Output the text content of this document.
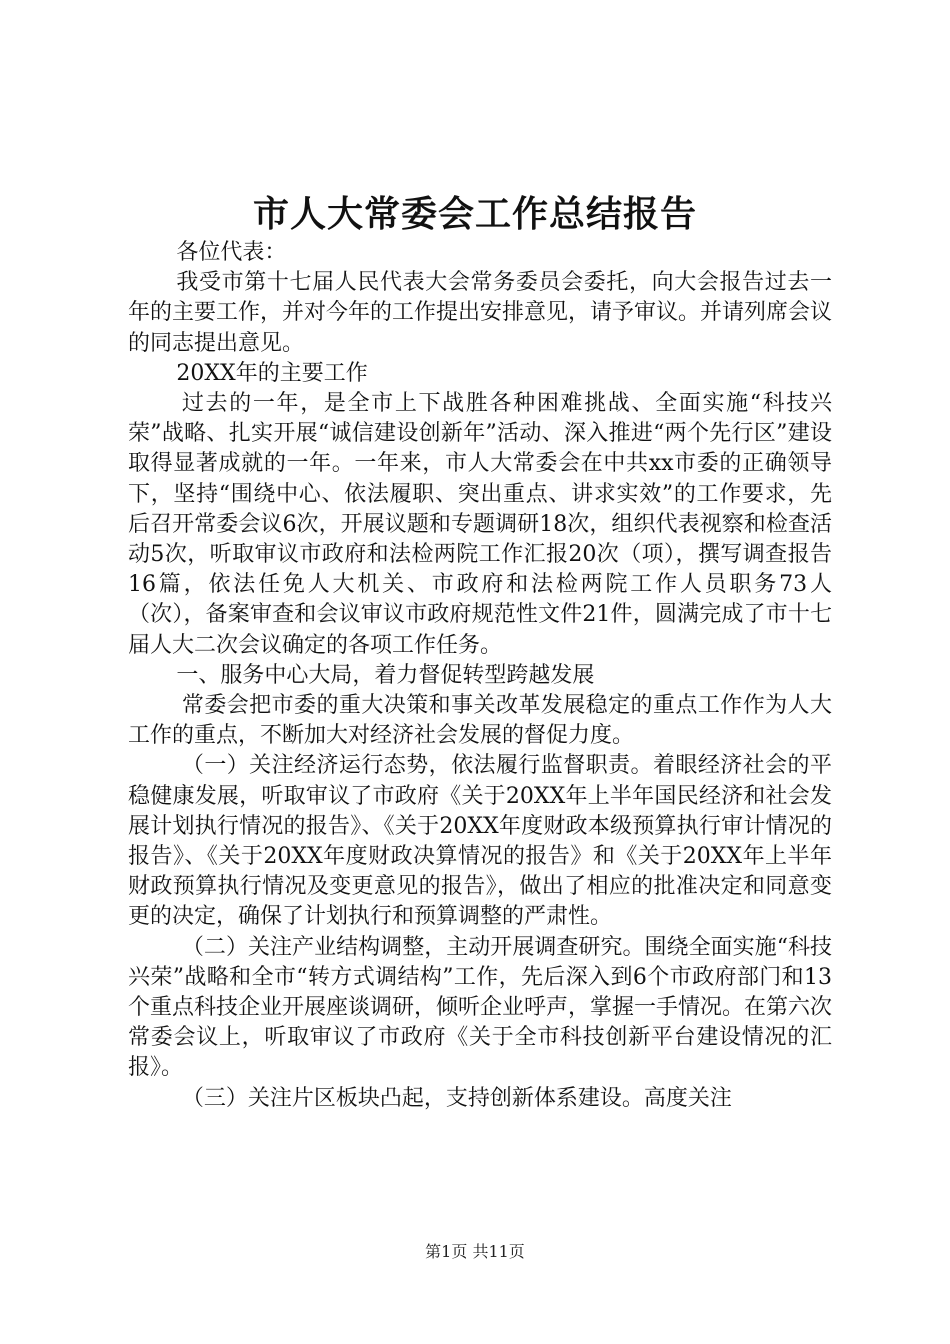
市人大常委会工作总结报告

各位代表：

我受市第十七届人民代表大会常务委员会委托，向大会报告过去一年的主要工作，并对今年的工作提出安排意见，请予审议。并请列席会议的同志提出意见。

20XX年的主要工作

过去的一年，是全市上下战胜各种困难挑战、全面实施“科技兴荣”战略、扎实开展“诚信建设创新年”活动、深入推进“两个先行区”建设取得显著成就的一年。一年来，市人大常委会在中共xx市委的正确领导下，坚持“围绕中心、依法履职、突出重点、讲求实效”的工作要求，先后召开常委会议6次，开展议题和专题调研18次，组织代表视察和检查活动5次，听取审议市政府和法检两院工作汇报20次（项），撰写调查报告16篇，依法任免人大机关、市政府和法检两院工作人员职务73人（次），备案审查和会议审议市政府规范性文件21件，圆满完成了市十七届人大二次会议确定的各项工作任务。

一、服务中心大局，着力督促转型跨越发展

常委会把市委的重大决策和事关改革发展稳定的重点工作作为人大工作的重点，不断加大对经济社会发展的督促力度。

（一）关注经济运行态势，依法履行监督职责。着眼经济社会的平稳健康发展，听取审议了市政府《关于20XX年上半年国民经济和社会发展计划执行情况的报告》、《关于20XX年度财政本级预算执行审计情况的报告》、《关于20XX年度财政决算情况的报告》和《关于20XX年上半年财政预算执行情况及变更意见的报告》，做出了相应的批准决定和同意变更的决定，确保了计划执行和预算调整的严肃性。

（二）关注产业结构调整，主动开展调查研究。围绕全面实施“科技兴荣”战略和全市“转方式调结构”工作，先后深入到6个市政府部门和13个重点科技企业开展座谈调研，倾听企业呼声，掌握一手情况。在第六次常委会议上，听取审议了市政府《关于全市科技创新平台建设情况的汇报》。

（三）关注片区板块凸起，支持创新体系建设。高度关注

第1页 共11页
